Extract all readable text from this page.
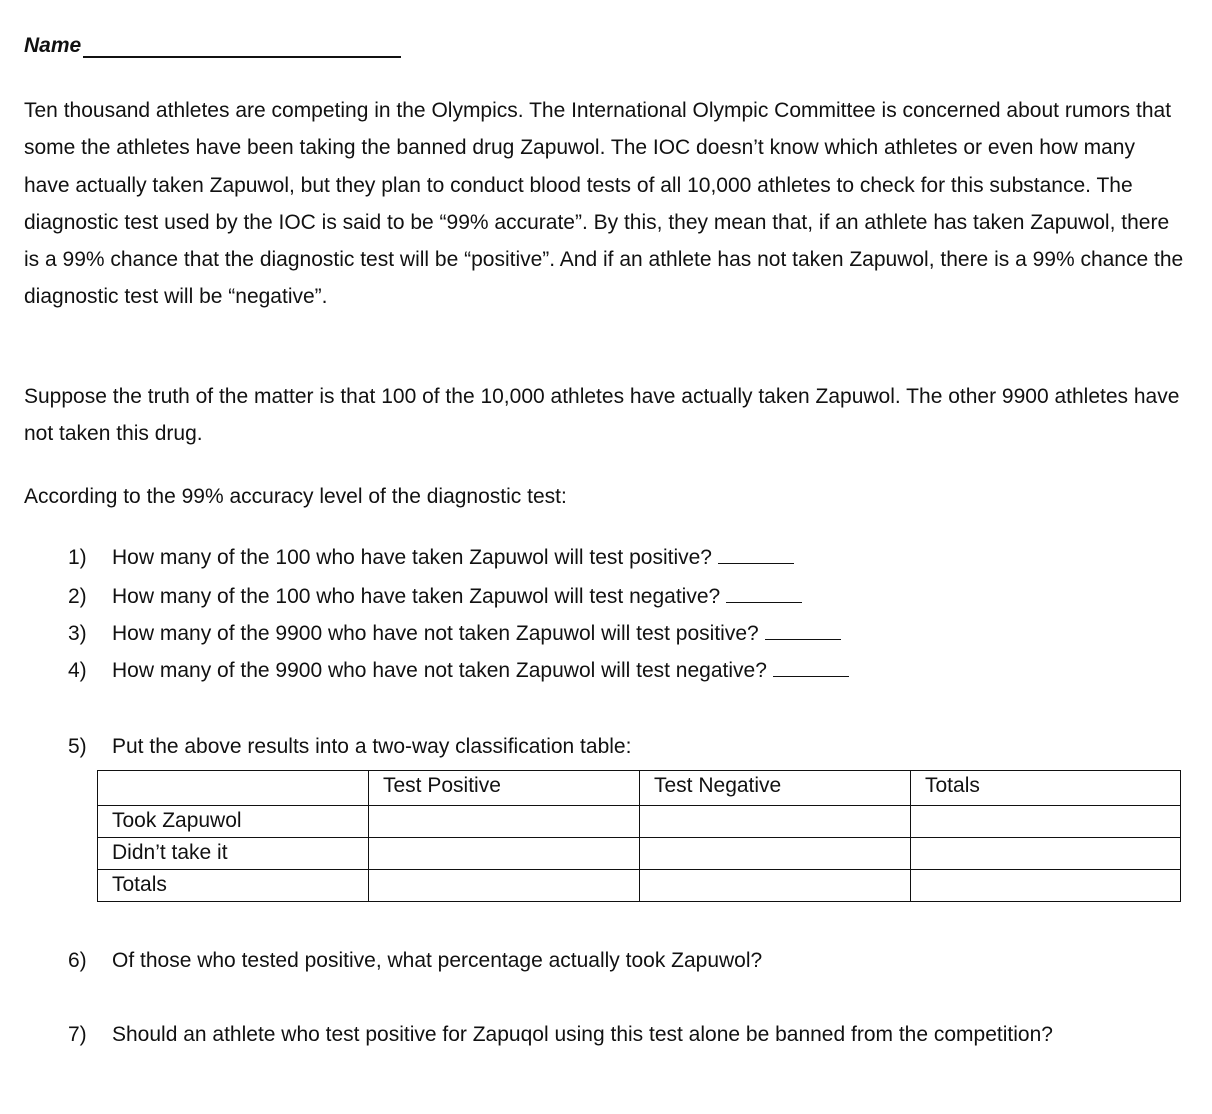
Name

Ten thousand athletes are competing in the Olympics. The International Olympic Committee is concerned about rumors that some the athletes have been taking the banned drug Zapuwol. The IOC doesn’t know which athletes or even how many have actually taken Zapuwol, but they plan to conduct blood tests of all 10,000 athletes to check for this substance. The diagnostic test used by the IOC is said to be “99% accurate”. By this, they mean that, if an athlete has taken Zapuwol, there is a 99% chance that the diagnostic test will be “positive”. And if an athlete has not taken Zapuwol, there is a 99% chance the diagnostic test will be “negative”.

Suppose the truth of the matter is that 100 of the 10,000 athletes have actually taken Zapuwol. The other 9900 athletes have not taken this drug.

According to the 99% accuracy level of the diagnostic test:

1)	How many of the 100 who have taken Zapuwol will test positive?
2)	How many of the 100 who have taken Zapuwol will test negative?
3)	How many of the 9900 who have not taken Zapuwol will test positive?
4)	How many of the 9900 who have not taken Zapuwol will test negative?
5)	Put the above results into a two-way classification table:
	Test Positive	Test Negative	Totals
Took Zapuwol			
Didn’t take it			
Totals			
6)	Of those who tested positive, what percentage actually took Zapuwol?
7)	Should an athlete who test positive for Zapuqol using this test alone be banned from the competition?
